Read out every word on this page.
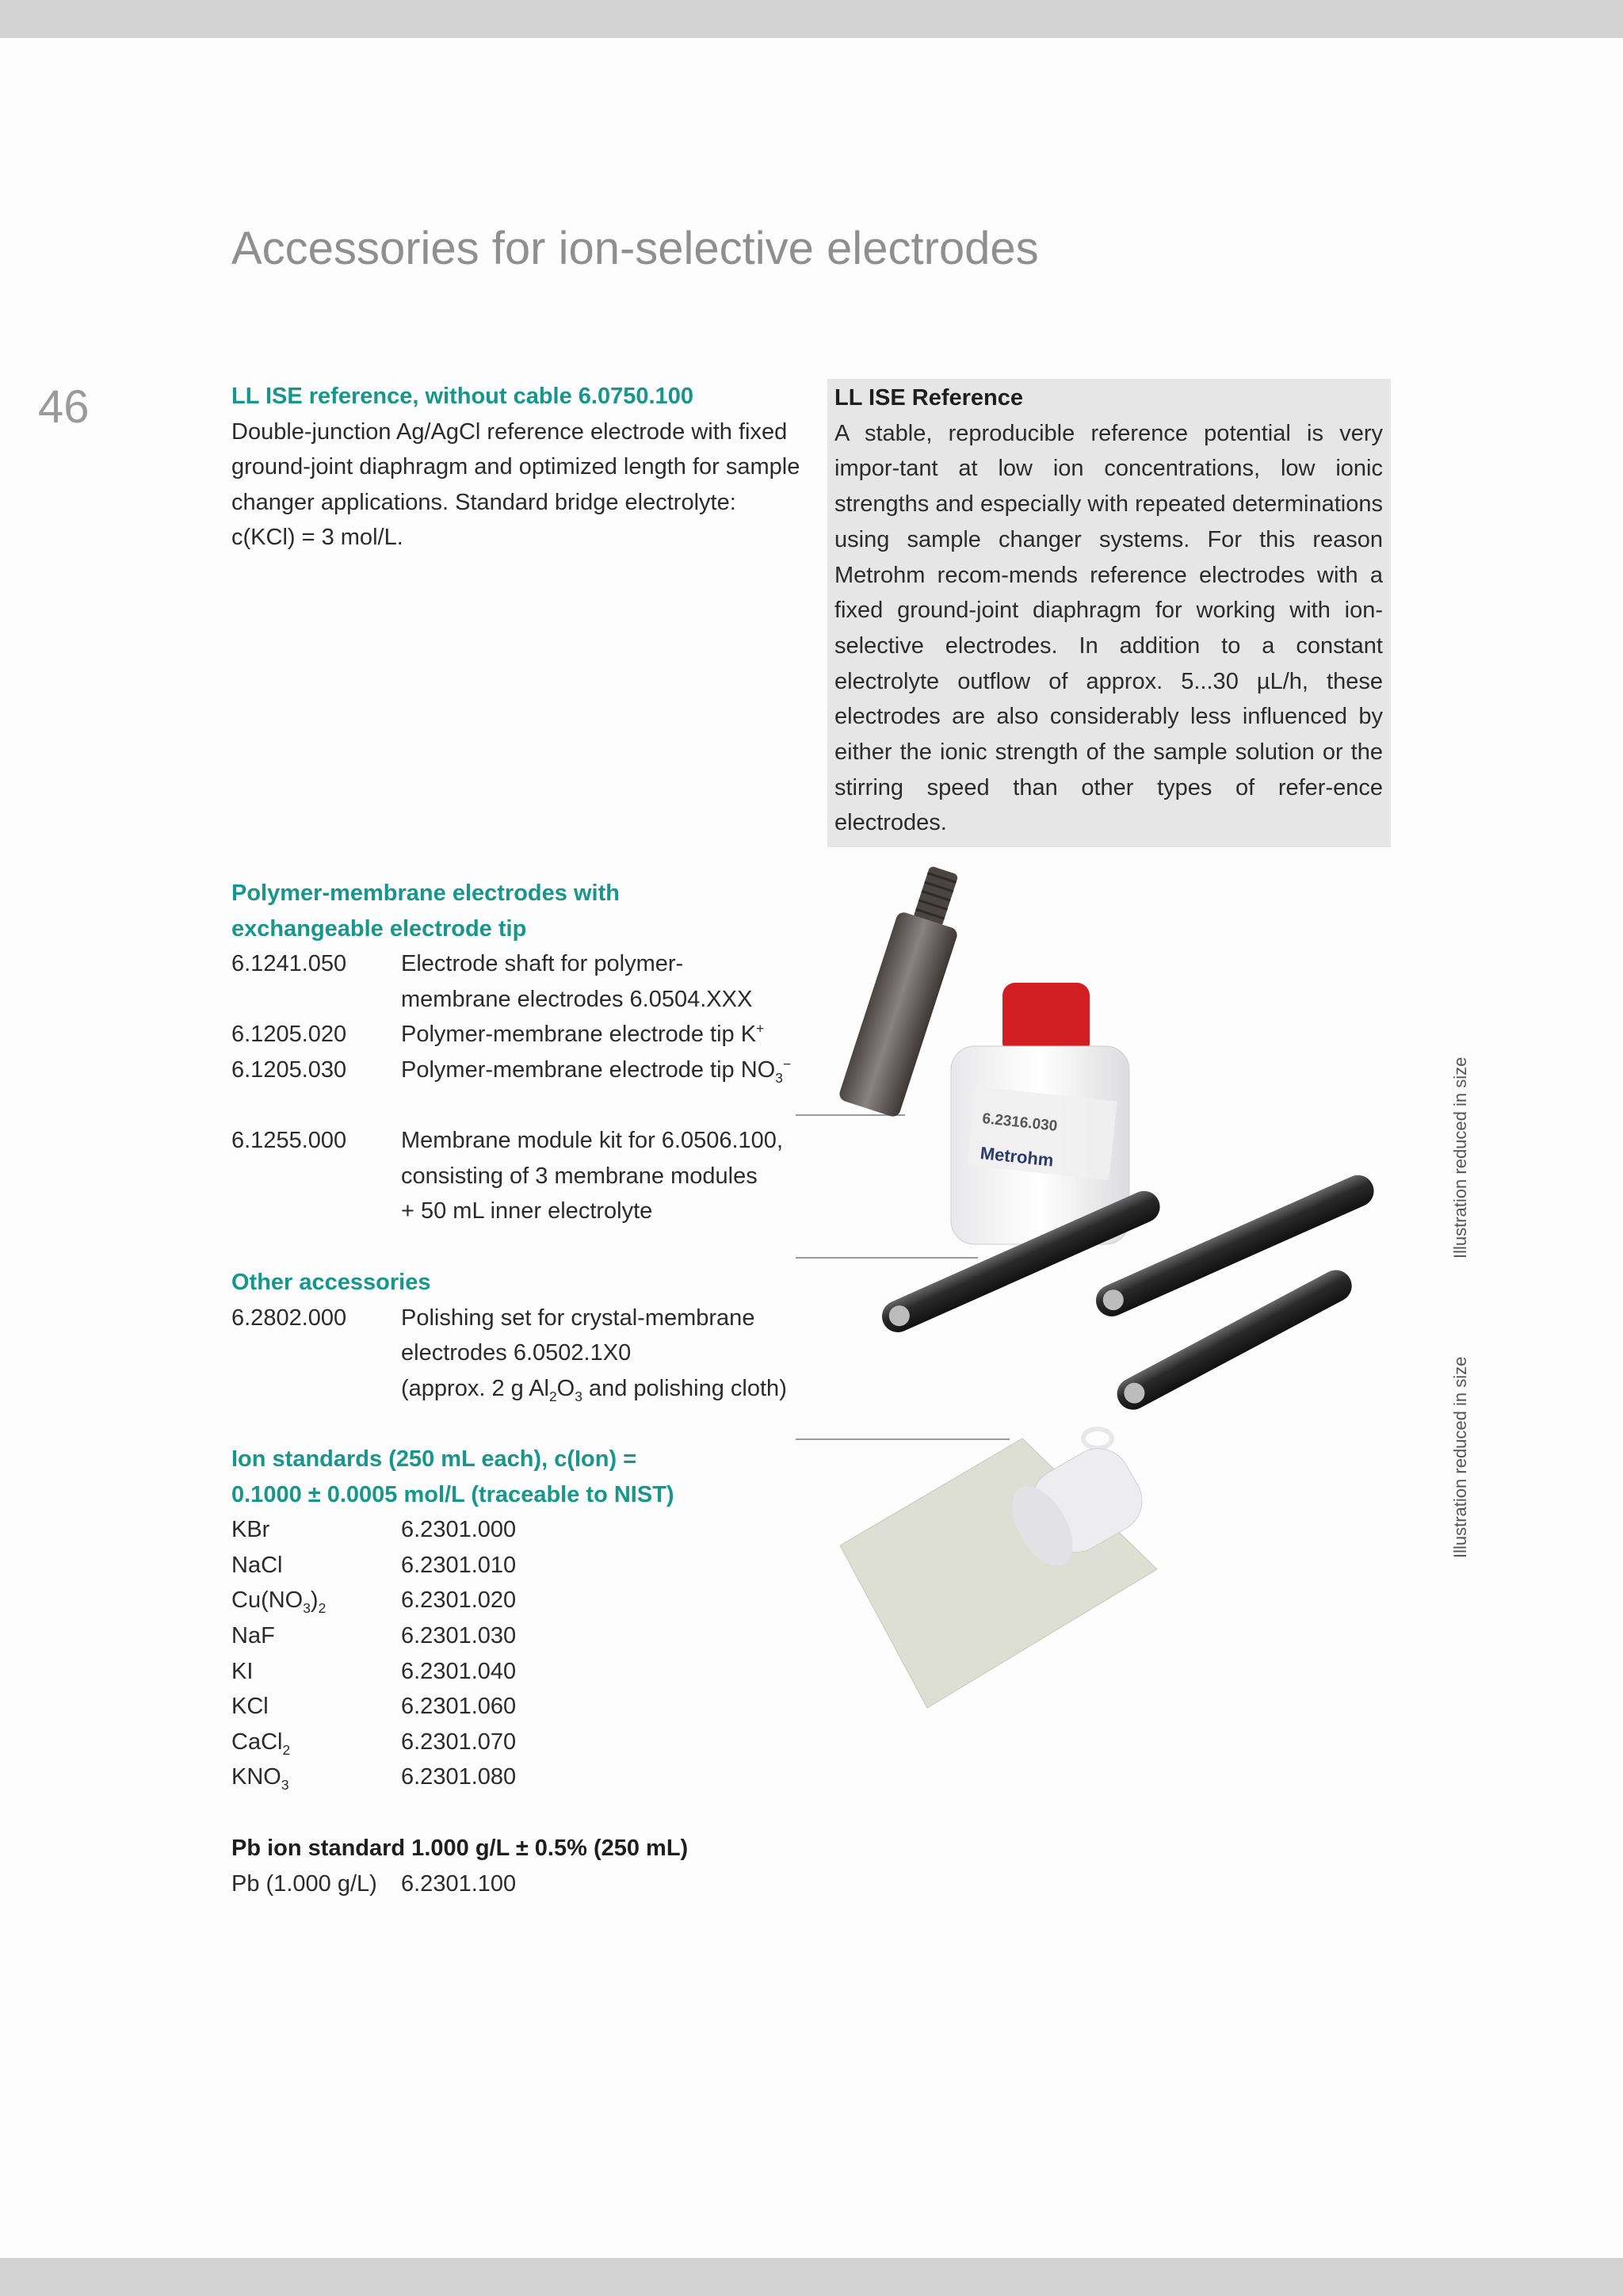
Accessories for ion-selective electrodes
46	LL ISE reference, without cable 6.0750.100
Double-junction Ag/AgCl reference electrode with fixed
ground-joint diaphragm and optimized length for sample
changer applications. Standard bridge electrolyte:
c(KCl) = 3 mol/L.
LL ISE Reference
A stable, reproducible reference potential is very impor-tant at low ion concentrations, low ionic strengths and especially with repeated determinations using sample changer systems. For this reason Metrohm recom-mends reference electrodes with a fixed ground-joint diaphragm for working with ion-selective electrodes. In addition to a constant electrolyte outflow of approx. 5...30 µL/h, these electrodes are also considerably less influenced by either the ionic strength of the sample solution or the stirring speed than other types of refer-ence electrodes.
Polymer-membrane electrodes with
exchangeable electrode tip
6.1241.050	Electrode shaft for polymer-
membrane electrodes 6.0504.XXX
6.1205.020	Polymer-membrane electrode tip K+
6.1205.030	Polymer-membrane electrode tip $NO_3^-$
6.1255.000	Membrane module kit for 6.0506.100,
consisting of 3 membrane modules
+ 50 mL inner electrolyte
Other accessories
6.2802.000	Polishing set for crystal-membrane
electrodes 6.0502.1X0
(approx. 2 g $Al_2O_3$ and polishing cloth)
Ion standards (250 mL each), c(Ion) =
0.1000 ± 0.0005 mol/L (traceable to NIST)
KBr	6.2301.000
NaCl	6.2301.010
$Cu(NO_3)_2$	6.2301.020
NaF	6.2301.030
KI	6.2301.040
KCl	6.2301.060
CaCl$_2$	6.2301.070
$KNO_3$	6.2301.080
Pb ion standard 1.000 g/L ± 0.5% (250 mL)
Pb (1.000 g/L)	6.2301.100
6.2316.030
Metrohm	Illustration reduced in size
Illustration reduced in size
